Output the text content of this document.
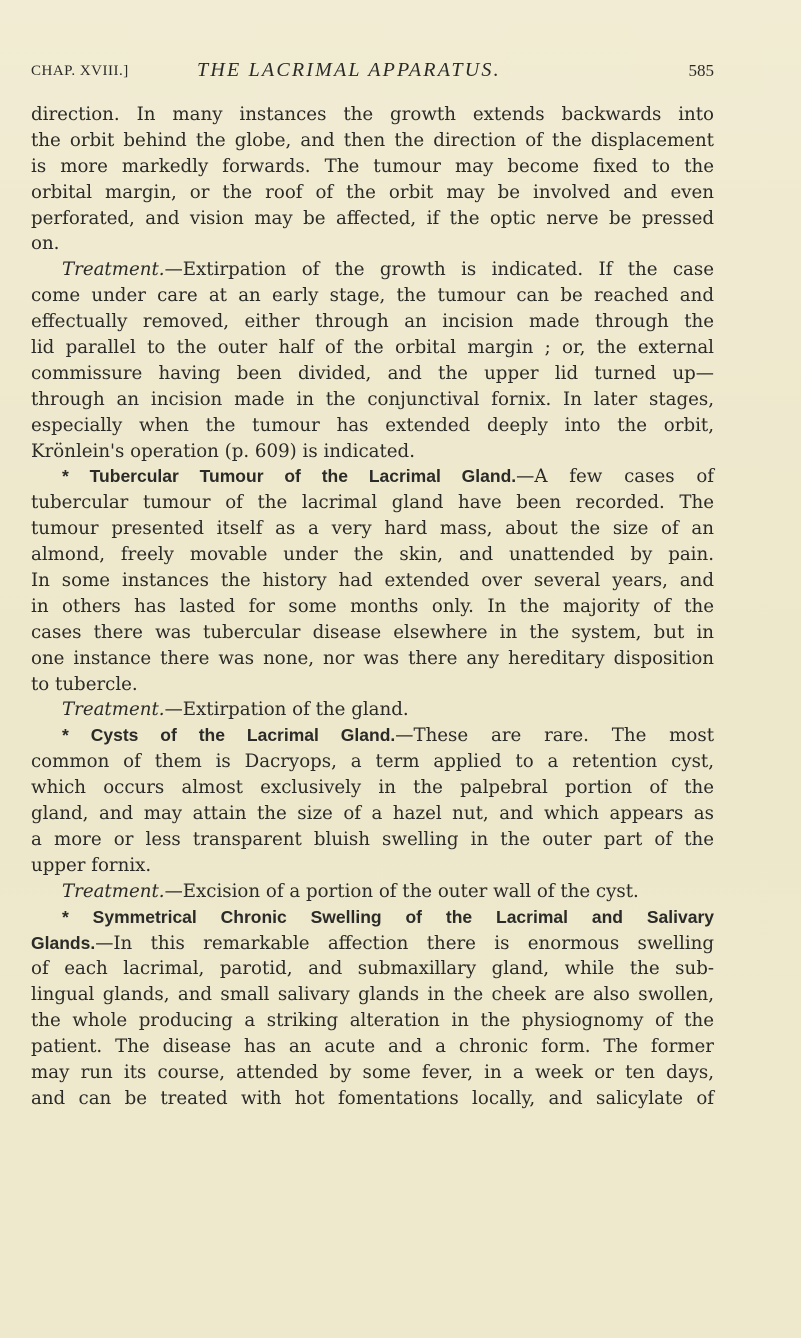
CHAP. XVIII.]	THE LACRIMAL APPARATUS.	585
direction. In many instances the growth extends backwards into
the orbit behind the globe, and then the direction of the displacement
is more markedly forwards. The tumour may become fixed to the
orbital margin, or the roof of the orbit may be involved and even
perforated, and vision may be affected, if the optic nerve be pressed
on.
Treatment.—Extirpation of the growth is indicated. If the case
come under care at an early stage, the tumour can be reached and
effectually removed, either through an incision made through the
lid parallel to the outer half of the orbital margin ; or, the external
commissure having been divided, and the upper lid turned up—
through an incision made in the conjunctival fornix. In later stages,
especially when the tumour has extended deeply into the orbit,
Krönlein's operation (p. 609) is indicated.
* Tubercular Tumour of the Lacrimal Gland.—A few cases of
tubercular tumour of the lacrimal gland have been recorded. The
tumour presented itself as a very hard mass, about the size of an
almond, freely movable under the skin, and unattended by pain.
In some instances the history had extended over several years, and
in others has lasted for some months only. In the majority of the
cases there was tubercular disease elsewhere in the system, but in
one instance there was none, nor was there any hereditary disposition
to tubercle.
Treatment.—Extirpation of the gland.
* Cysts of the Lacrimal Gland.—These are rare. The most
common of them is Dacryops, a term applied to a retention cyst,
which occurs almost exclusively in the palpebral portion of the
gland, and may attain the size of a hazel nut, and which appears as
a more or less transparent bluish swelling in the outer part of the
upper fornix.
Treatment.—Excision of a portion of the outer wall of the cyst.
* Symmetrical Chronic Swelling of the Lacrimal and Salivary
Glands.—In this remarkable affection there is enormous swelling
of each lacrimal, parotid, and submaxillary gland, while the sub-
lingual glands, and small salivary glands in the cheek are also swollen,
the whole producing a striking alteration in the physiognomy of the
patient. The disease has an acute and a chronic form. The former
may run its course, attended by some fever, in a week or ten days,
and can be treated with hot fomentations locally, and salicylate of
